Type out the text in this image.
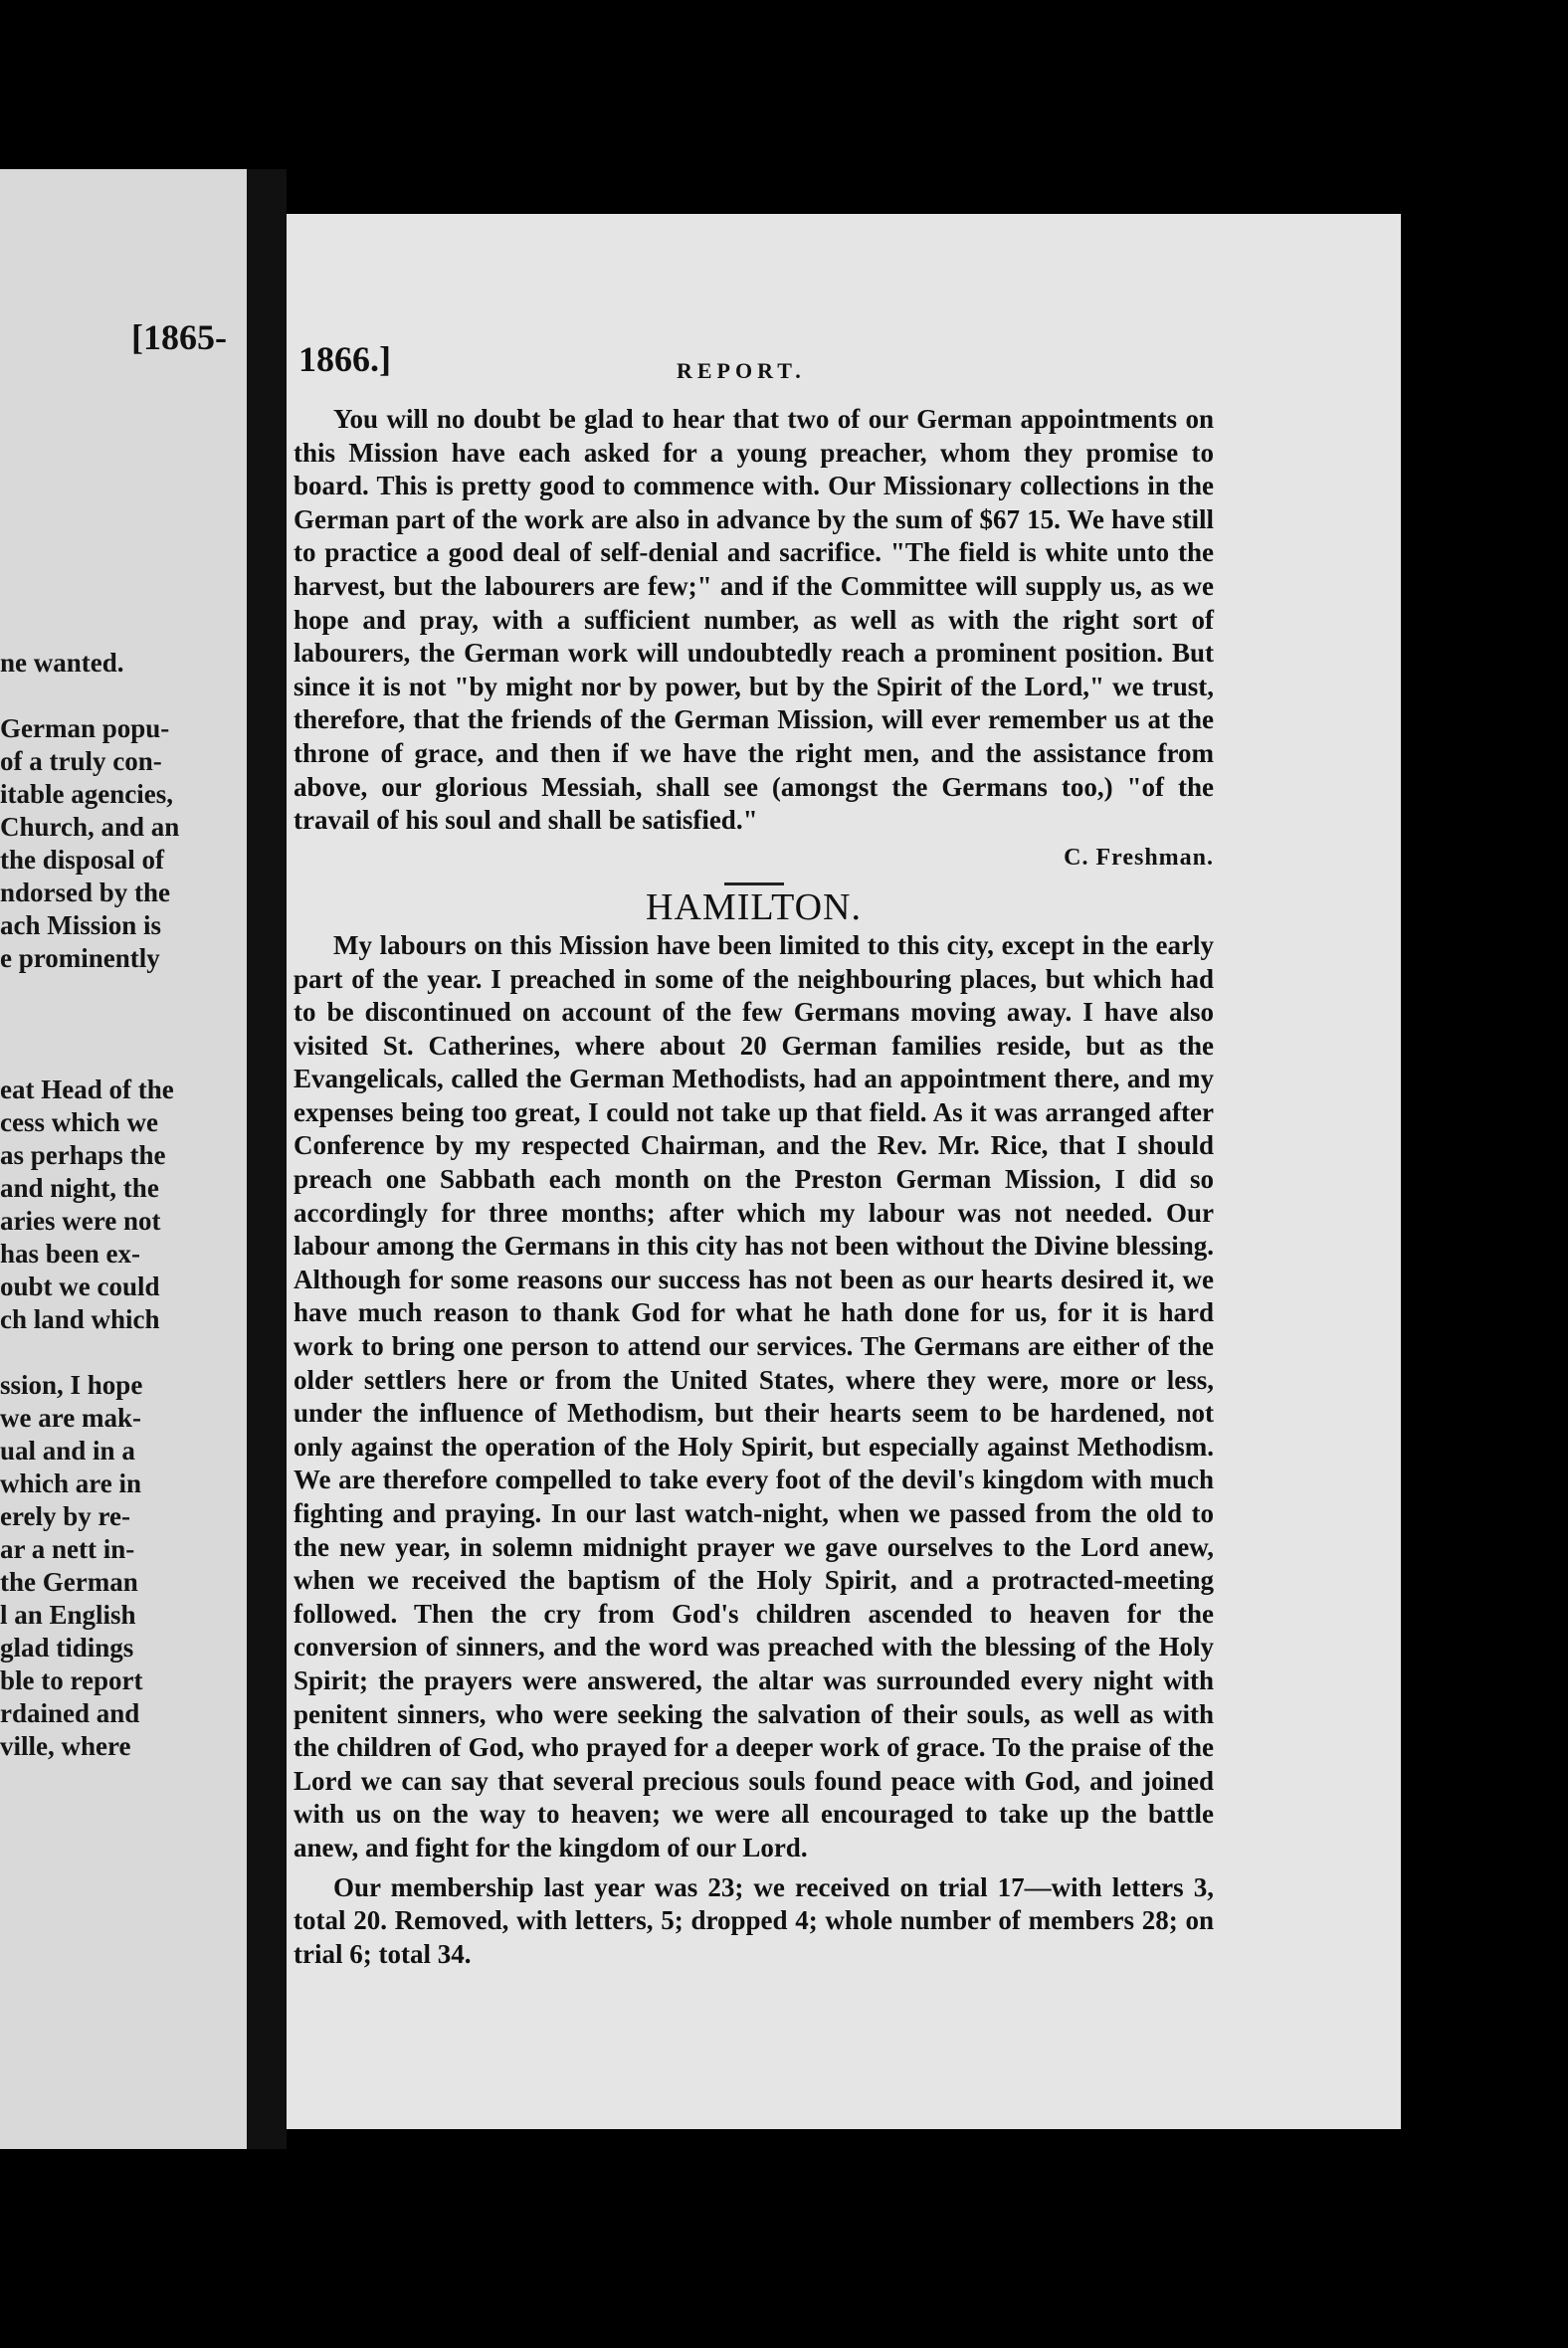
[1865-
ne wanted.

German popu-
of a truly con-
itable agencies,
Church, and an
the disposal of
ndorsed by the
ach Mission is
e prominently

eat Head of the
cess which we
as perhaps the
and night, the
aries were not
has been ex-
oubt we could
ch land which

ssion, I hope
we are mak-
ual and in a
which are in
erely by re-
ar a nett in-
the German
l an English
glad tidings
ble to report
rdained and
ville, where
1866.]	REPORT.

You will no doubt be glad to hear that two of our German appointments on this Mission have each asked for a young preacher, whom they promise to board. This is pretty good to commence with. Our Missionary collections in the German part of the work are also in advance by the sum of $67 15. We have still to practice a good deal of self-denial and sacrifice. "The field is white unto the harvest, but the labourers are few;" and if the Committee will supply us, as we hope and pray, with a sufficient number, as well as with the right sort of labourers, the German work will undoubtedly reach a prominent position. But since it is not "by might nor by power, but by the Spirit of the Lord," we trust, therefore, that the friends of the German Mission, will ever remember us at the throne of grace, and then if we have the right men, and the assistance from above, our glorious Messiah, shall see (amongst the Germans too,) "of the travail of his soul and shall be satisfied."

C. Freshman.

HAMILTON.

My labours on this Mission have been limited to this city, except in the early part of the year. I preached in some of the neighbouring places, but which had to be discontinued on account of the few Germans moving away. I have also visited St. Catherines, where about 20 German families reside, but as the Evangelicals, called the German Methodists, had an appointment there, and my expenses being too great, I could not take up that field. As it was arranged after Conference by my respected Chairman, and the Rev. Mr. Rice, that I should preach one Sabbath each month on the Preston German Mission, I did so accordingly for three months; after which my labour was not needed. Our labour among the Germans in this city has not been without the Divine blessing. Although for some reasons our success has not been as our hearts desired it, we have much reason to thank God for what he hath done for us, for it is hard work to bring one person to attend our services. The Germans are either of the older settlers here or from the United States, where they were, more or less, under the influence of Methodism, but their hearts seem to be hardened, not only against the operation of the Holy Spirit, but especially against Methodism. We are therefore compelled to take every foot of the devil's kingdom with much fighting and praying. In our last watch-night, when we passed from the old to the new year, in solemn midnight prayer we gave ourselves to the Lord anew, when we received the baptism of the Holy Spirit, and a protracted-meeting followed. Then the cry from God's children ascended to heaven for the conversion of sinners, and the word was preached with the blessing of the Holy Spirit; the prayers were answered, the altar was surrounded every night with penitent sinners, who were seeking the salvation of their souls, as well as with the children of God, who prayed for a deeper work of grace. To the praise of the Lord we can say that several precious souls found peace with God, and joined with us on the way to heaven; we were all encouraged to take up the battle anew, and fight for the kingdom of our Lord.

Our membership last year was 23; we received on trial 17—with letters 3, total 20. Removed, with letters, 5; dropped 4; whole number of members 28; on trial 6; total 34.
